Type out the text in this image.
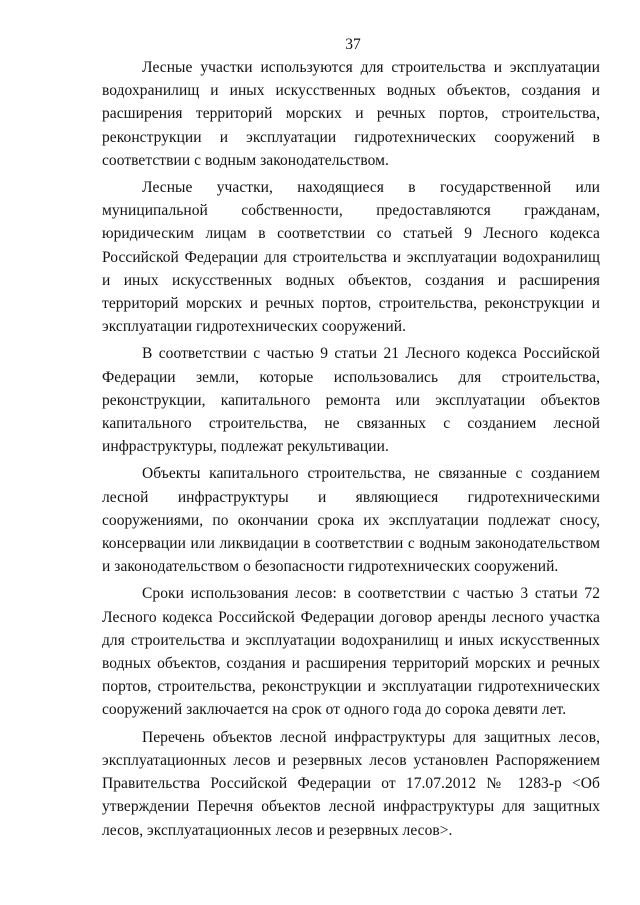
37

Лесные участки используются для строительства и эксплуатации водохранилищ и иных искусственных водных объектов, создания и расширения территорий морских и речных портов, строительства, реконструкции и эксплуатации гидротехнических сооружений в соответствии с водным законодательством.

Лесные участки, находящиеся в государственной или муниципальной собственности, предоставляются гражданам, юридическим лицам в соответствии со статьей 9 Лесного кодекса Российской Федерации для строительства и эксплуатации водохранилищ и иных искусственных водных объектов, создания и расширения территорий морских и речных портов, строительства, реконструкции и эксплуатации гидротехнических сооружений.

В соответствии с частью 9 статьи 21 Лесного кодекса Российской Федерации земли, которые использовались для строительства, реконструкции, капитального ремонта или эксплуатации объектов капитального строительства, не связанных с созданием лесной инфраструктуры, подлежат рекультивации.

Объекты капитального строительства, не связанные с созданием лесной инфраструктуры и являющиеся гидротехническими сооружениями, по окончании срока их эксплуатации подлежат сносу, консервации или ликвидации в соответствии с водным законодательством и законодательством о безопасности гидротехнических сооружений.

Сроки использования лесов: в соответствии с частью 3 статьи 72 Лесного кодекса Российской Федерации договор аренды лесного участка для строительства и эксплуатации водохранилищ и иных искусственных водных объектов, создания и расширения территорий морских и речных портов, строительства, реконструкции и эксплуатации гидротехнических сооружений заключается на срок от одного года до сорока девяти лет.

Перечень объектов лесной инфраструктуры для защитных лесов, эксплуатационных лесов и резервных лесов установлен Распоряжением Правительства Российской Федерации от 17.07.2012 № 1283-р <Об утверждении Перечня объектов лесной инфраструктуры для защитных лесов, эксплуатационных лесов и резервных лесов>.
